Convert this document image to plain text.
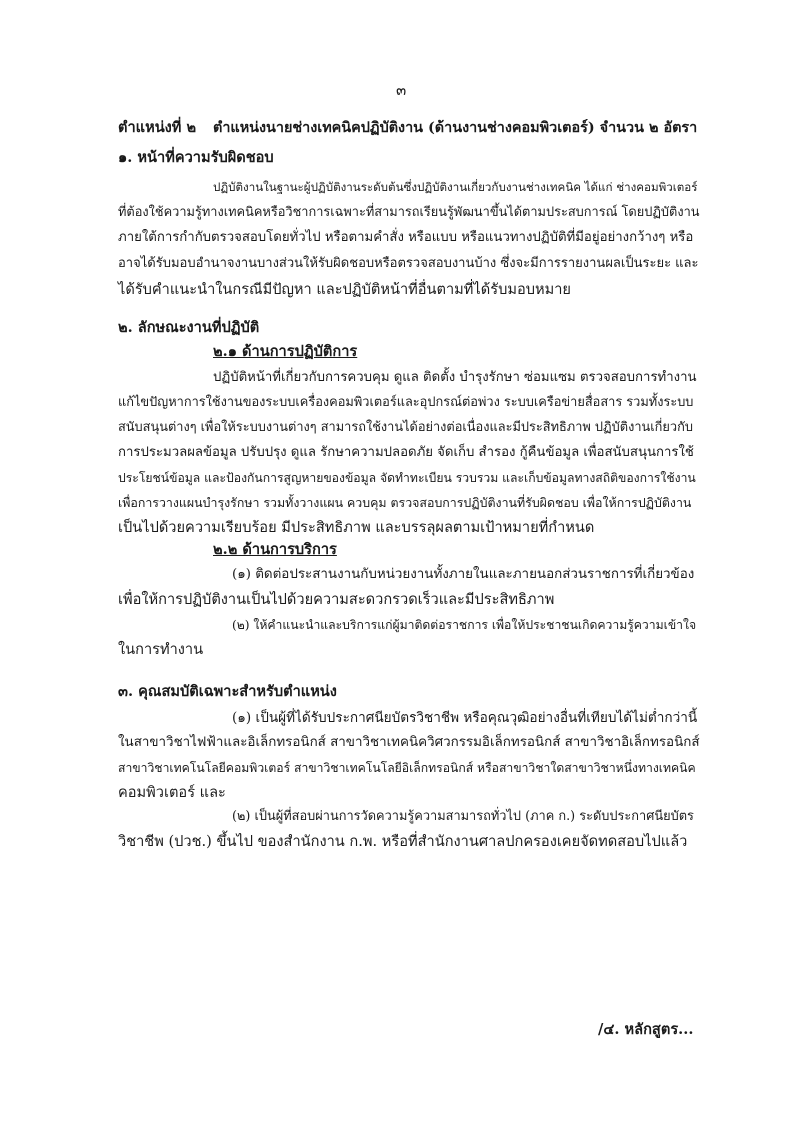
๓
ตำแหน่งที่ ๒ ตำแหน่งนายช่างเทคนิคปฏิบัติงาน (ด้านงานช่างคอมพิวเตอร์) จำนวน ๒ อัตรา
๑. หน้าที่ความรับผิดชอบ
ปฏิบัติงานในฐานะผู้ปฏิบัติงานระดับต้นซึ่งปฏิบัติงานเกี่ยวกับงานช่างเทคนิค ได้แก่ ช่างคอมพิวเตอร์
ที่ต้องใช้ความรู้ทางเทคนิคหรือวิชาการเฉพาะที่สามารถเรียนรู้พัฒนาขึ้นได้ตามประสบการณ์ โดยปฏิบัติงาน
ภายใต้การกำกับตรวจสอบโดยทั่วไป หรือตามคำสั่ง หรือแบบ หรือแนวทางปฏิบัติที่มีอยู่อย่างกว้างๆ หรือ
อาจได้รับมอบอำนาจงานบางส่วนให้รับผิดชอบหรือตรวจสอบงานบ้าง ซึ่งจะมีการรายงานผลเป็นระยะ และ
ได้รับคำแนะนำในกรณีมีปัญหา และปฏิบัติหน้าที่อื่นตามที่ได้รับมอบหมาย
๒. ลักษณะงานที่ปฏิบัติ
๒.๑ ด้านการปฏิบัติการ
ปฏิบัติหน้าที่เกี่ยวกับการควบคุม ดูแล ติดตั้ง บำรุงรักษา ซ่อมแซม ตรวจสอบการทำงาน
แก้ไขปัญหาการใช้งานของระบบเครื่องคอมพิวเตอร์และอุปกรณ์ต่อพ่วง ระบบเครือข่ายสื่อสาร รวมทั้งระบบ
สนับสนุนต่างๆ เพื่อให้ระบบงานต่างๆ สามารถใช้งานได้อย่างต่อเนื่องและมีประสิทธิภาพ ปฏิบัติงานเกี่ยวกับ
การประมวลผลข้อมูล ปรับปรุง ดูแล รักษาความปลอดภัย จัดเก็บ สำรอง กู้คืนข้อมูล เพื่อสนับสนุนการใช้
ประโยชน์ข้อมูล และป้องกันการสูญหายของข้อมูล จัดทำทะเบียน รวบรวม และเก็บข้อมูลทางสถิติของการใช้งาน
เพื่อการวางแผนบำรุงรักษา รวมทั้งวางแผน ควบคุม ตรวจสอบการปฏิบัติงานที่รับผิดชอบ เพื่อให้การปฏิบัติงาน
เป็นไปด้วยความเรียบร้อย มีประสิทธิภาพ และบรรลุผลตามเป้าหมายที่กำหนด
๒.๒ ด้านการบริการ
(๑) ติดต่อประสานงานกับหน่วยงานทั้งภายในและภายนอกส่วนราชการที่เกี่ยวข้อง
เพื่อให้การปฏิบัติงานเป็นไปด้วยความสะดวกรวดเร็วและมีประสิทธิภาพ
(๒) ให้คำแนะนำและบริการแก่ผู้มาติดต่อราชการ เพื่อให้ประชาชนเกิดความรู้ความเข้าใจ
ในการทำงาน
๓. คุณสมบัติเฉพาะสำหรับตำแหน่ง
(๑) เป็นผู้ที่ได้รับประกาศนียบัตรวิชาชีพ หรือคุณวุฒิอย่างอื่นที่เทียบได้ไม่ต่ำกว่านี้
ในสาขาวิชาไฟฟ้าและอิเล็กทรอนิกส์ สาขาวิชาเทคนิควิศวกรรมอิเล็กทรอนิกส์ สาขาวิชาอิเล็กทรอนิกส์
สาขาวิชาเทคโนโลยีคอมพิวเตอร์ สาขาวิชาเทคโนโลยีอิเล็กทรอนิกส์ หรือสาขาวิชาใดสาขาวิชาหนึ่งทางเทคนิค
คอมพิวเตอร์ และ
(๒) เป็นผู้ที่สอบผ่านการวัดความรู้ความสามารถทั่วไป (ภาค ก.) ระดับประกาศนียบัตร
วิชาชีพ (ปวช.) ขึ้นไป ของสำนักงาน ก.พ. หรือที่สำนักงานศาลปกครองเคยจัดทดสอบไปแล้ว
/๔. หลักสูตร...
